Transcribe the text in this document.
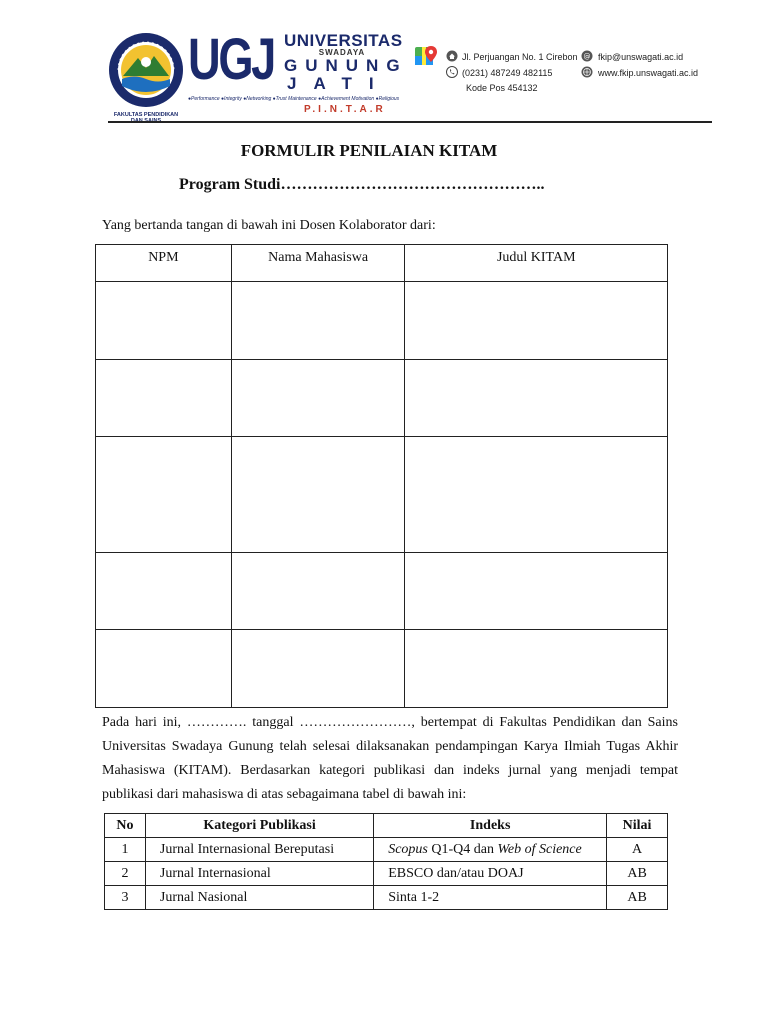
FAKULTAS PENDIDIKAN
UGJ UNIVERSITAS
SWADAYA
GUNUNG
JATI
●Performance ●Integrity ●Networking ●Trust Maintenance ●Achievement Motivation ●Religious
P.I.N.T.A.R
Jl. Perjuangan No. 1 Cirebon
(0231) 487249 482115
Kode Pos 454132
@ fkip@unswagati.ac.id
www.fkip.unswagati.ac.id
FORMULIR PENILAIAN KITAM
Program Studi…………………………………………..
Yang bertanda tangan di bawah ini Dosen Kolaborator dari:
NPM	Nama Mahasiswa	Judul KITAM

Pada hari ini, …………. tanggal ……………………, bertempat di Fakultas Pendidikan dan Sains Universitas Swadaya Gunung telah selesai dilaksanakan pendampingan Karya Ilmiah Tugas Akhir Mahasiswa (KITAM). Berdasarkan kategori publikasi dan indeks jurnal yang menjadi tempat publikasi dari mahasiswa di atas sebagaimana tabel di bawah ini:
No	Kategori Publikasi	Indeks	Nilai
1	Jurnal Internasional Bereputasi	Scopus Q1-Q4 dan Web of Science	A
2	Jurnal Internasional	EBSCO dan/atau DOAJ	AB
3	Jurnal Nasional	Sinta 1-2	AB
